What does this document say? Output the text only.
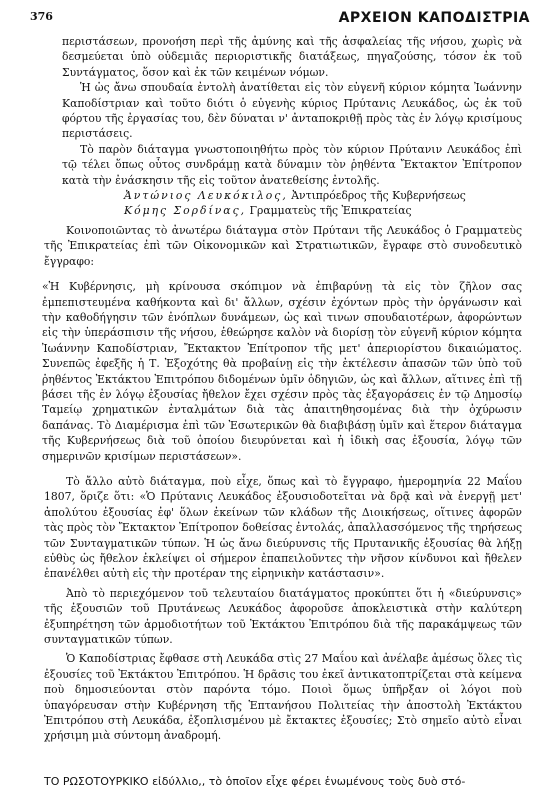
376	ΑΡΧΕΙΟΝ ΚΑΠΟΔΙΣΤΡΙΑ

περιστάσεων, προνοήση περὶ τῆς ἀμύνης καὶ τῆς ἀσφαλείας τῆς νήσου, χωρὶς νὰ δεσμεύεται ὑπὸ οὐδεμιᾶς περιοριστικῆς διατάξεως, πηγαζούσης, τόσον ἐκ τοῦ Συντάγματος, ὅσον καὶ ἐκ τῶν κειμένων νόμων.

Ἡ ὡς ἄνω σπουδαία ἐντολὴ ἀνατίθεται εἰς τὸν εὐγενῆ κύριον κόμητα Ἰωάννην Καποδίστριαν καὶ τοῦτο διότι ὁ εὐγενὴς κύριος Πρύτανις Λευκάδος, ὡς ἐκ τοῦ φόρτου τῆς ἐργασίας του, δὲν δύναται ν' ἀνταποκριθῇ πρὸς τὰς ἐν λόγῳ κρισίμους περιστάσεις.

Τὸ παρὸν διάταγμα γνωστοποιηθήτω πρὸς τὸν κύριον Πρύτανιν Λευκάδος ἐπὶ τῷ τέλει ὅπως οὗτος συνδράμῃ κατὰ δύναμιν τὸν ῥηθέντα Ἔκτακτον Ἐπίτροπον κατὰ τὴν ἐνάσκησιν τῆς εἰς τοῦτον ἀνατεθείσης ἐντολῆς.

Ἀντώνιος Λευκόκιλος, Ἀντιπρόεδρος τῆς Κυβερνήσεως
Κόμης Σορδίνας, Γραμματεὺς τῆς Ἐπικρατείας

Κοινοποιῶντας τὸ ἀνωτέρω διάταγμα στὸν Πρύτανι τῆς Λευκάδος ὁ Γραμματεὺς τῆς Ἐπικρατείας ἐπὶ τῶν Οἰκονομικῶν καὶ Στρατιωτικῶν, ἔγραφε στὸ συνοδευτικὸ ἔγγραφο:

«Ἡ Κυβέρνησις, μὴ κρίνουσα σκόπιμον νὰ ἐπιβαρύνῃ τὰ εἰς τὸν ζῆλον σας ἐμπεπιστευμένα καθήκοντα καὶ δι' ἄλλων, σχέσιν ἐχόντων πρὸς τὴν ὀργάνωσιν καὶ τὴν καθοδήγησιν τῶν ἐνόπλων δυνάμεων, ὡς καὶ τινων σπουδαιοτέρων, ἀφορώντων εἰς τὴν ὑπεράσπισιν τῆς νήσου, ἐθεώρησε καλὸν νὰ διορίσῃ τὸν εὐγενῆ κύριον κόμητα Ἰωάννην Καποδίστριαν, Ἔκτακτον Ἐπίτροπον τῆς μετ' ἀπεριορίστου δικαιώματος. Συνεπῶς ἐφεξῆς ἡ Τ. Ἐξοχότης θὰ προβαίνῃ εἰς τὴν ἐκτέλεσιν ἁπασῶν τῶν ὑπὸ τοῦ ῥηθέντος Ἐκτάκτου Ἐπιτρόπου διδομένων ὑμῖν ὁδηγιῶν, ὡς καὶ ἄλλων, αἵτινες ἐπὶ τῇ βάσει τῆς ἐν λόγῳ ἐξουσίας ἤθελον ἔχει σχέσιν πρὸς τὰς ἐξαγοράσεις ἐν τῷ Δημοσίῳ Ταμείῳ χρηματικῶν ἐνταλμάτων διὰ τὰς ἀπαιτηθησομένας διὰ τὴν ὀχύρωσιν δαπάνας. Τὸ Διαμέρισμα ἐπὶ τῶν Ἐσωτερικῶν θὰ διαβιβάσῃ ὑμῖν καὶ ἕτερον διάταγμα τῆς Κυβερνήσεως διὰ τοῦ ὁποίου διευρύνεται καὶ ἡ ἰδικὴ σας ἐξουσία, λόγῳ τῶν σημερινῶν κρισίμων περιστάσεων».

Τὸ ἄλλο αὐτὸ διάταγμα, ποὺ εἶχε, ὅπως καὶ τὸ ἔγγραφο, ἡμερομηνία 22 Μαΐου 1807, ὅριζε ὅτι: «Ὁ Πρύτανις Λευκάδος ἐξουσιοδοτεῖται νὰ δρᾷ καὶ νὰ ἐνεργῇ μετ' ἀπολύτου ἐξουσίας ἐφ' ὅλων ἐκείνων τῶν κλάδων τῆς Διοικήσεως, οἵτινες ἀφορῶν τὰς πρὸς τὸν Ἔκτακτον Ἐπίτροπον δοθείσας ἐντολάς, ἀπαλλασσόμενος τῆς τηρήσεως τῶν Συνταγματικῶν τύπων. Ἡ ὡς ἄνω διεύρυνσις τῆς Πρυτανικῆς ἐξουσίας θὰ λήξῃ εὐθὺς ὡς ἤθελον ἐκλείψει οἱ σήμερον ἐπαπειλοῦντες τὴν νῆσον κίνδυνοι καὶ ἤθελεν ἐπανέλθει αὐτὴ εἰς τὴν προτέραν της εἰρηνικὴν κατάστασιν».

Ἀπὸ τὸ περιεχόμενον τοῦ τελευταίου διατάγματος προκύπτει ὅτι ἡ «διεύρυνσις» τῆς ἐξουσιῶν τοῦ Πρυτάνεως Λευκάδος ἀφοροῦσε ἀποκλειστικὰ στὴν καλύτερη ἐξυπηρέτηση τῶν ἁρμοδιοτήτων τοῦ Ἐκτάκτου Ἐπιτρόπου διὰ τῆς παρακάμψεως τῶν συνταγματικῶν τύπων.

Ὁ Καποδίστριας ἔφθασε στὴ Λευκάδα στὶς 27 Μαΐου καὶ ἀνέλαβε ἀμέσως ὅλες τὶς ἐξουσίες τοῦ Ἐκτάκτου Ἐπιτρόπου. Ἡ δρᾶσις του ἐκεῖ ἀντικατοπτρίζεται στὰ κείμενα ποὺ δημοσιεύονται στὸν παρόντα τόμο. Ποιοὶ ὅμως ὑπῆρξαν οἱ λόγοι ποὺ ὑπαγόρευσαν στὴν Κυβέρνηση τῆς Ἑπτανήσου Πολιτείας τὴν ἀποστολὴ Ἐκτάκτου Ἐπιτρόπου στὴ Λευκάδα, ἐξοπλισμένου μὲ ἔκτακτες ἐξουσίες; Στὸ σημεῖο αὐτὸ εἶναι χρήσιμη μιὰ σύντομη ἀναδρομή.

ΤΟ ΡΩΣΟΤΟΥΡΚΙΚΟ εἰδύλλιο,, τὸ ὁποῖον εἶχε φέρει ἑνωμένους τοὺς δυὸ στό-
